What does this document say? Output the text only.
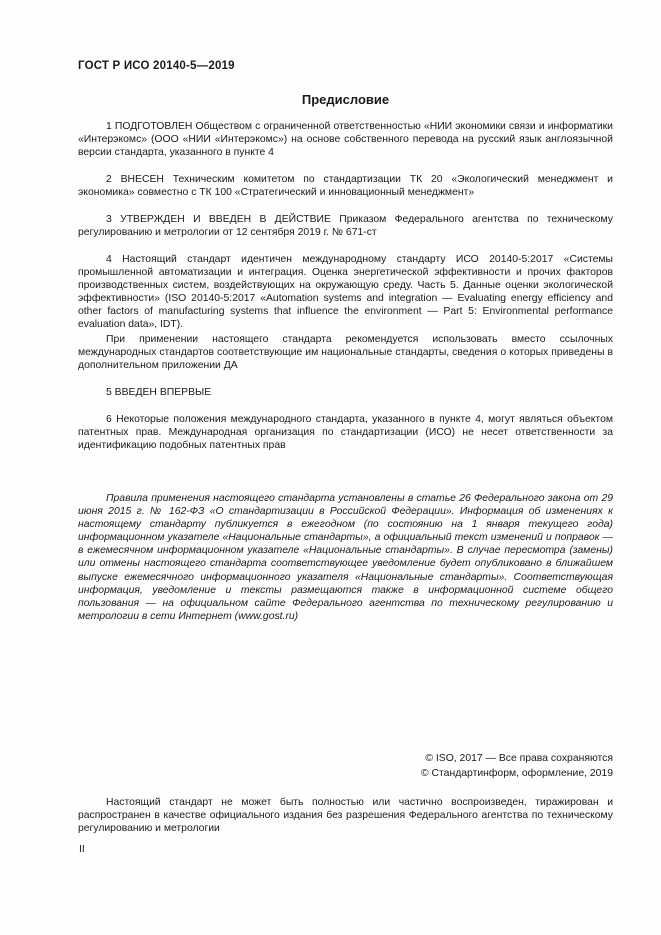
ГОСТ Р ИСО 20140-5—2019
Предисловие

1 ПОДГОТОВЛЕН Обществом с ограниченной ответственностью «НИИ экономики связи и информатики «Интерэкомс» (ООО «НИИ «Интерэкомс») на основе собственного перевода на русский язык англоязычной версии стандарта, указанного в пункте 4

2 ВНЕСЕН Техническим комитетом по стандартизации ТК 20 «Экологический менеджмент и экономика» совместно с ТК 100 «Стратегический и инновационный менеджмент»

3 УТВЕРЖДЕН И ВВЕДЕН В ДЕЙСТВИЕ Приказом Федерального агентства по техническому регулированию и метрологии от 12 сентября 2019 г. № 671-ст

4 Настоящий стандарт идентичен международному стандарту ИСО 20140-5:2017 «Системы промышленной автоматизации и интеграция. Оценка энергетической эффективности и прочих факторов производственных систем, воздействующих на окружающую среду. Часть 5. Данные оценки экологической эффективности» (ISO 20140-5:2017 «Automation systems and integration — Evaluating energy efficiency and other factors of manufacturing systems that influence the environment — Part 5: Environmental performance evaluation data», IDT).

При применении настоящего стандарта рекомендуется использовать вместо ссылочных международных стандартов соответствующие им национальные стандарты, сведения о которых приведены в дополнительном приложении ДА

5 ВВЕДЕН ВПЕРВЫЕ

6 Некоторые положения международного стандарта, указанного в пункте 4, могут являться объектом патентных прав. Международная организация по стандартизации (ИСО) не несет ответственности за идентификацию подобных патентных прав

Правила применения настоящего стандарта установлены в статье 26 Федерального закона от 29 июня 2015 г. № 162-ФЗ «О стандартизации в Российской Федерации». Информация об изменениях к настоящему стандарту публикуется в ежегодном (по состоянию на 1 января текущего года) информационном указателе «Национальные стандарты», а официальный текст изменений и поправок — в ежемесячном информационном указателе «Национальные стандарты». В случае пересмотра (замены) или отмены настоящего стандарта соответствующее уведомление будет опубликовано в ближайшем выпуске ежемесячного информационного указателя «Национальные стандарты». Соответствующая информация, уведомление и тексты размещаются также в информационной системе общего пользования — на официальном сайте Федерального агентства по техническому регулированию и метрологии в сети Интернет (www.gost.ru)

© ISO, 2017 — Все права сохраняются
© Стандартинформ, оформление, 2019

Настоящий стандарт не может быть полностью или частично воспроизведен, тиражирован и распространен в качестве официального издания без разрешения Федерального агентства по техническому регулированию и метрологии

II
